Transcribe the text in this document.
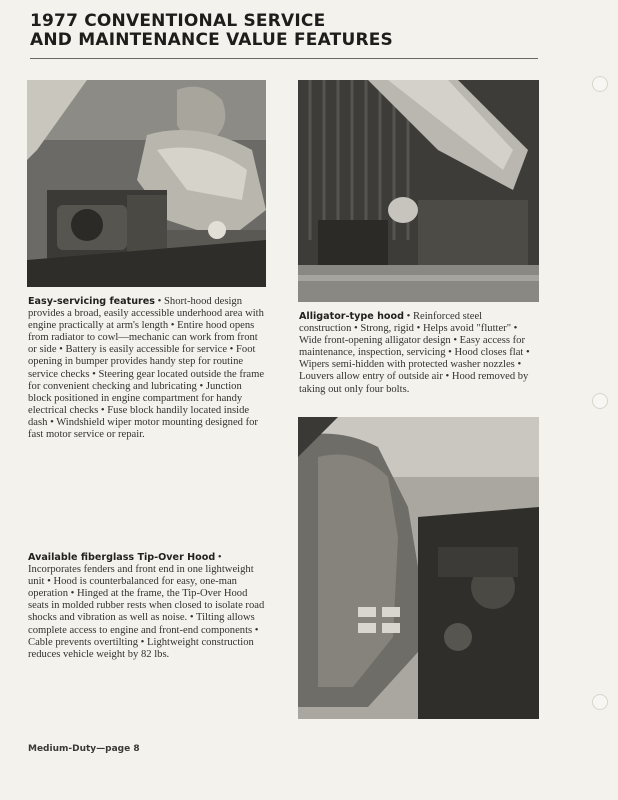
1977 CONVENTIONAL SERVICE
AND MAINTENANCE VALUE FEATURES
Easy-servicing features • Short-hood design provides a broad, easily accessible underhood area with engine practically at arm's length • Entire hood opens from radiator to cowl—mechanic can work from front or side • Battery is easily accessible for service • Foot opening in bumper provides handy step for routine service checks • Steering gear located outside the frame for convenient checking and lubricating • Junction block positioned in engine compartment for handy electrical checks • Fuse block handily located inside dash • Windshield wiper motor mounting designed for fast motor service or repair.
Alligator-type hood • Reinforced steel construction • Strong, rigid • Helps avoid "flutter" • Wide front-opening alligator design • Easy access for maintenance, inspection, servicing • Hood closes flat • Wipers semi-hidden with protected washer nozzles • Louvers allow entry of outside air • Hood removed by taking out only four bolts.
Available fiberglass Tip-Over Hood • Incorporates fenders and front end in one lightweight unit • Hood is counterbalanced for easy, one-man operation • Hinged at the frame, the Tip-Over Hood seats in molded rubber rests when closed to isolate road shocks and vibration as well as noise. • Tilting allows complete access to engine and front-end components • Cable prevents overtilting • Lightweight construction reduces vehicle weight by 82 lbs.
Medium-Duty—page 8
